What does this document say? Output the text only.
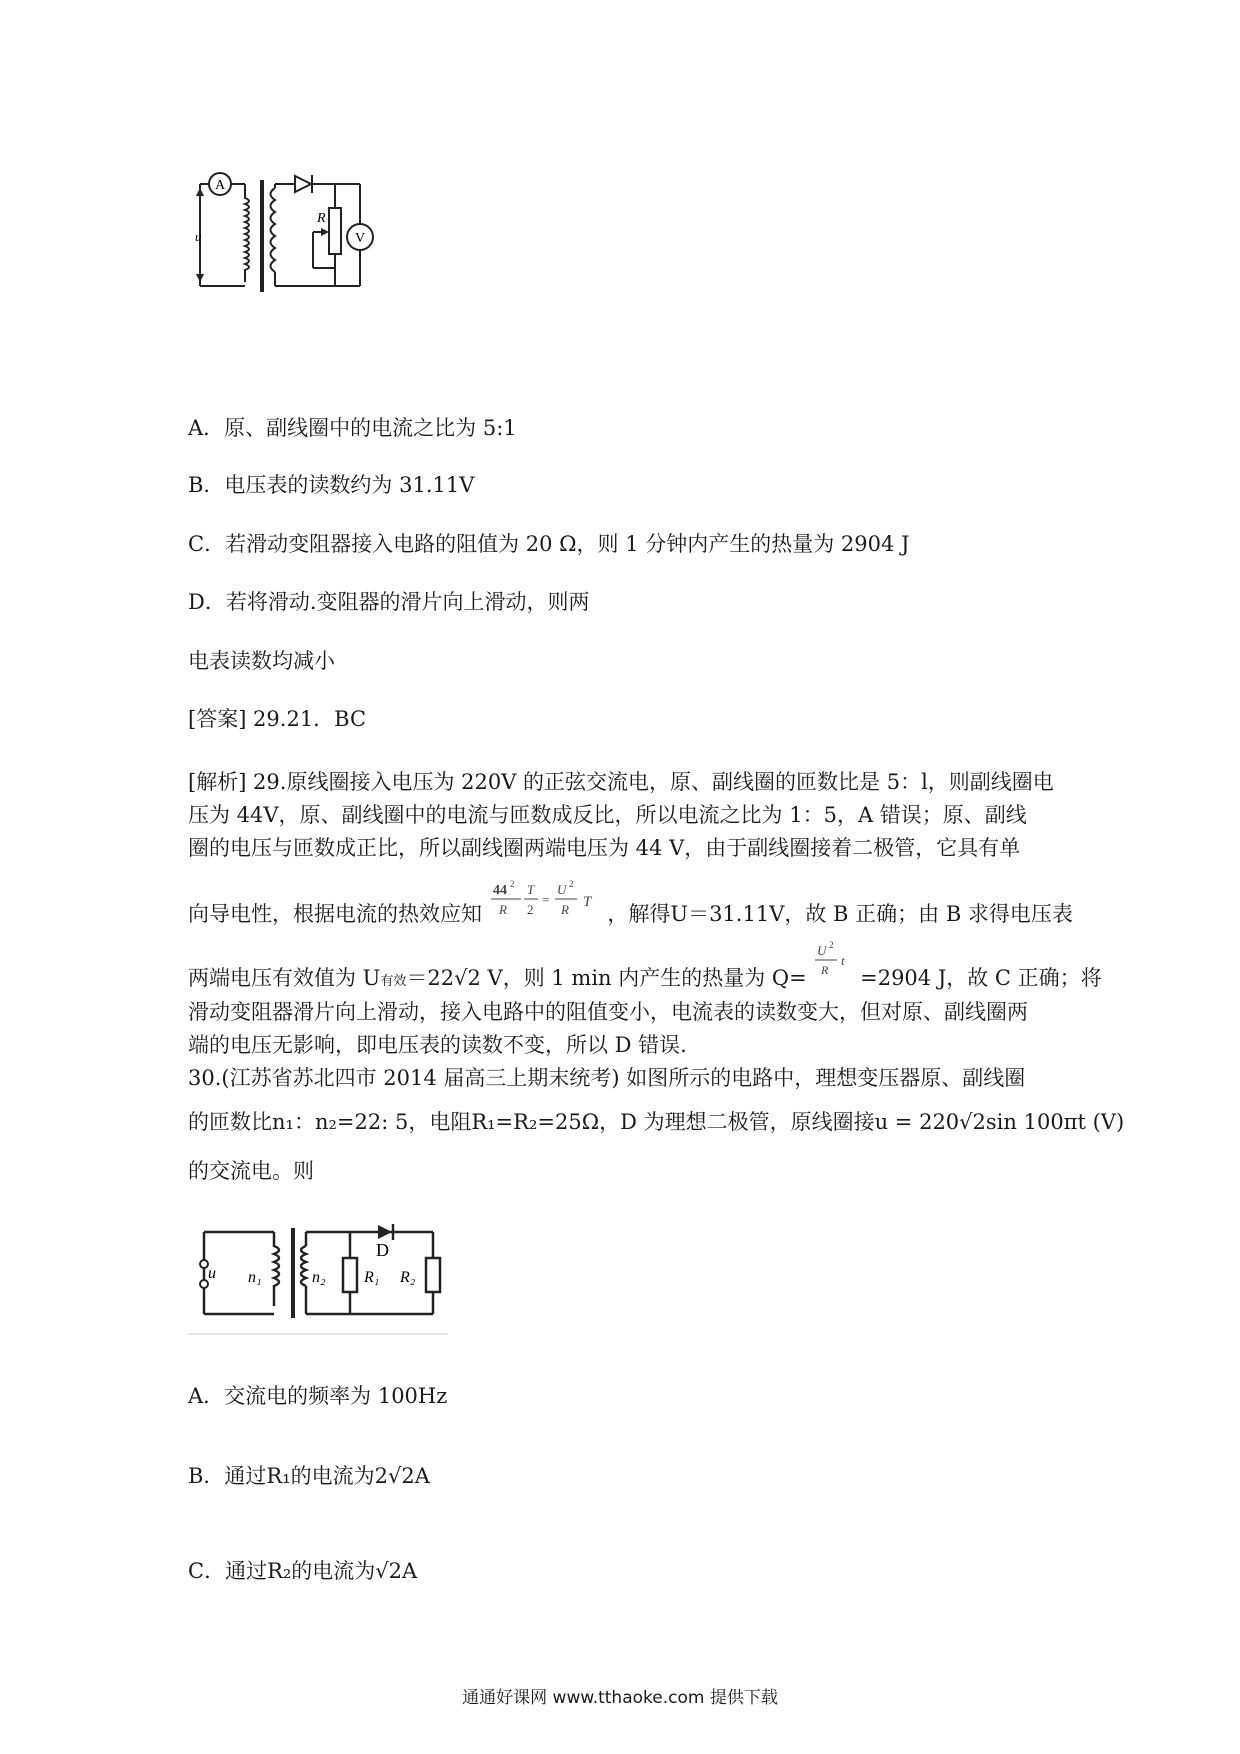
A
V
u
R
A．原、副线圈中的电流之比为 5:1
B．电压表的读数约为 31.11V
C．若滑动变阻器接入电路的阻值为 20 Ω，则 1 分钟内产生的热量为 2904 J
D．若将滑动.变阻器的滑片向上滑动，则两
电表读数均减小
[答案] 29.21．BC
[解析] 29.原线圈接入电压为 220V 的正弦交流电，原、副线圈的匝数比是 5：l，则副线圈电
压为 44V，原、副线圈中的电流与匝数成反比，所以电流之比为 1：5，A 错误；原、副线
圈的电压与匝数成正比，所以副线圈两端电压为 44 V，由于副线圈接着二极管，它具有单
向导电性，根据电流的热效应知
44 2
R
T
2
=
U 2
R T
，解得U＝31.11V，故 B 正确；由 B 求得电压表
两端电压有效值为 U有效＝22√2 V，则 1 min 内产生的热量为 Q=
U 2
R
t
=2904 J，故 C 正确；将
滑动变阻器滑片向上滑动，接入电路中的阻值变小，电流表的读数变大，但对原、副线圈两
端的电压无影响，即电压表的读数不变，所以 D 错误.
30.(江苏省苏北四市 2014 届高三上期末统考) 如图所示的电路中，理想变压器原、副线圈
的匝数比n₁：n₂=22: 5，电阻R₁=R₂=25Ω，D 为理想二极管，原线圈接u = 220√2sin 100πt (V)
的交流电。则
u n₁	n₂ R₁ R₂
D
A．交流电的频率为 100Hz
B．通过R₁的电流为2√2A
C．通过R₂的电流为√2A
通通好课网 www.tthaoke.com 提供下载
